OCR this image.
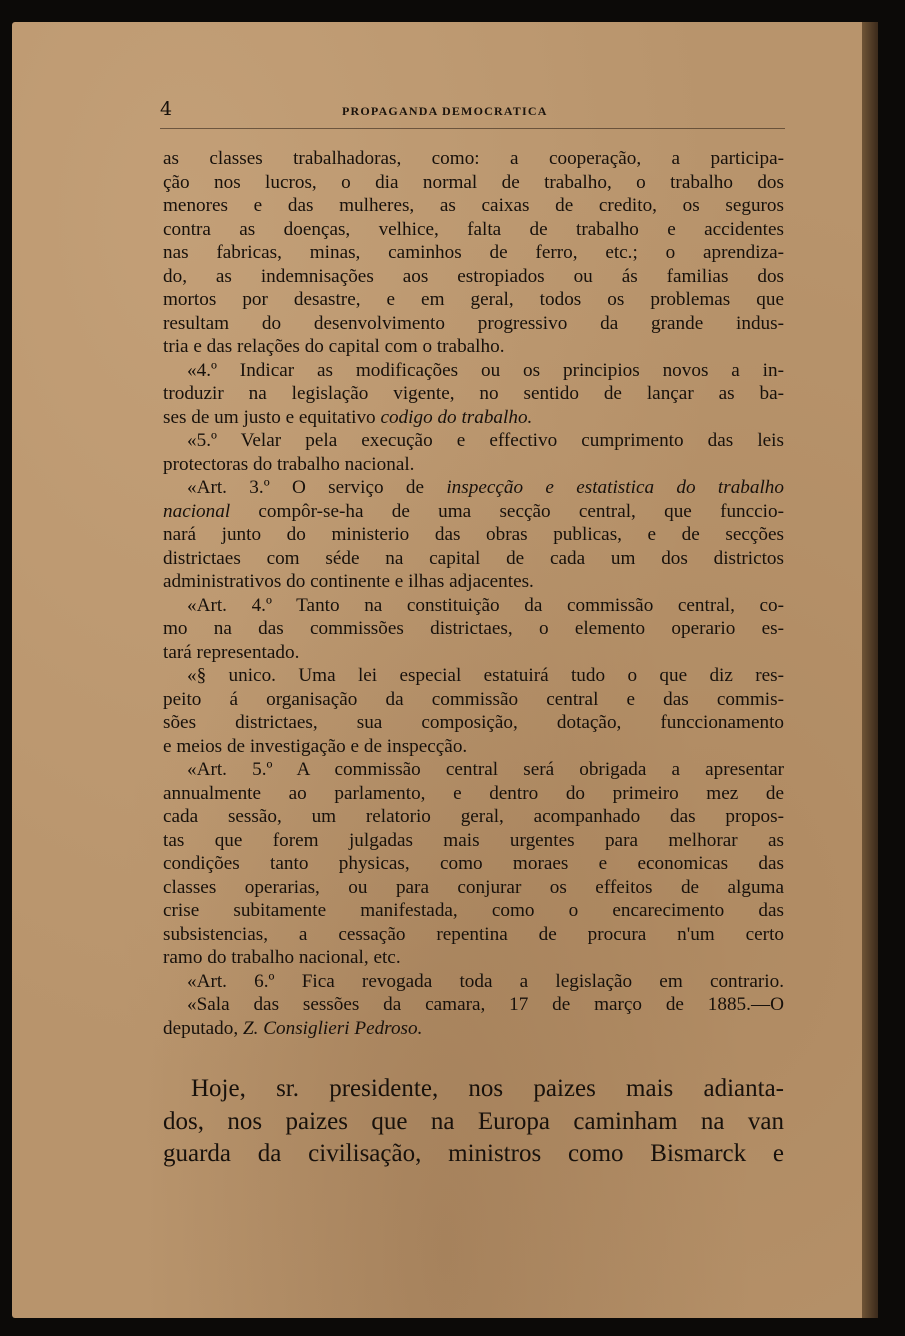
4	PROPAGANDA DEMOCRATICA
as classes trabalhadoras, como: a cooperação, a participa-
ção nos lucros, o dia normal de trabalho, o trabalho dos
menores e das mulheres, as caixas de credito, os seguros
contra as doenças, velhice, falta de trabalho e accidentes
nas fabricas, minas, caminhos de ferro, etc.; o aprendiza-
do, as indemnisações aos estropiados ou ás familias dos
mortos por desastre, e em geral, todos os problemas que
resultam do desenvolvimento progressivo da grande indus-
tria e das relações do capital com o trabalho.
«4.º Indicar as modificações ou os principios novos a in-
troduzir na legislação vigente, no sentido de lançar as ba-
ses de um justo e equitativo codigo do trabalho.
«5.º Velar pela execução e effectivo cumprimento das leis
protectoras do trabalho nacional.
«Art. 3.º O serviço de inspecção e estatistica do trabalho
nacional compôr-se-ha de uma secção central, que funccio-
nará junto do ministerio das obras publicas, e de secções
districtaes com séde na capital de cada um dos districtos
administrativos do continente e ilhas adjacentes.
«Art. 4.º Tanto na constituição da commissão central, co-
mo na das commissões districtaes, o elemento operario es-
tará representado.
«§ unico. Uma lei especial estatuirá tudo o que diz res-
peito á organisação da commissão central e das commis-
sões districtaes, sua composição, dotação, funccionamento
e meios de investigação e de inspecção.
«Art. 5.º A commissão central será obrigada a apresentar
annualmente ao parlamento, e dentro do primeiro mez de
cada sessão, um relatorio geral, acompanhado das propos-
tas que forem julgadas mais urgentes para melhorar as
condições tanto physicas, como moraes e economicas das
classes operarias, ou para conjurar os effeitos de alguma
crise subitamente manifestada, como o encarecimento das
subsistencias, a cessação repentina de procura n'um certo
ramo do trabalho nacional, etc.
«Art. 6.º Fica revogada toda a legislação em contrario.
«Sala das sessões da camara, 17 de março de 1885.—O
deputado, Z. Consiglieri Pedroso.
Hoje, sr. presidente, nos paizes mais adianta-
dos, nos paizes que na Europa caminham na van
guarda da civilisação, ministros como Bismarck e
